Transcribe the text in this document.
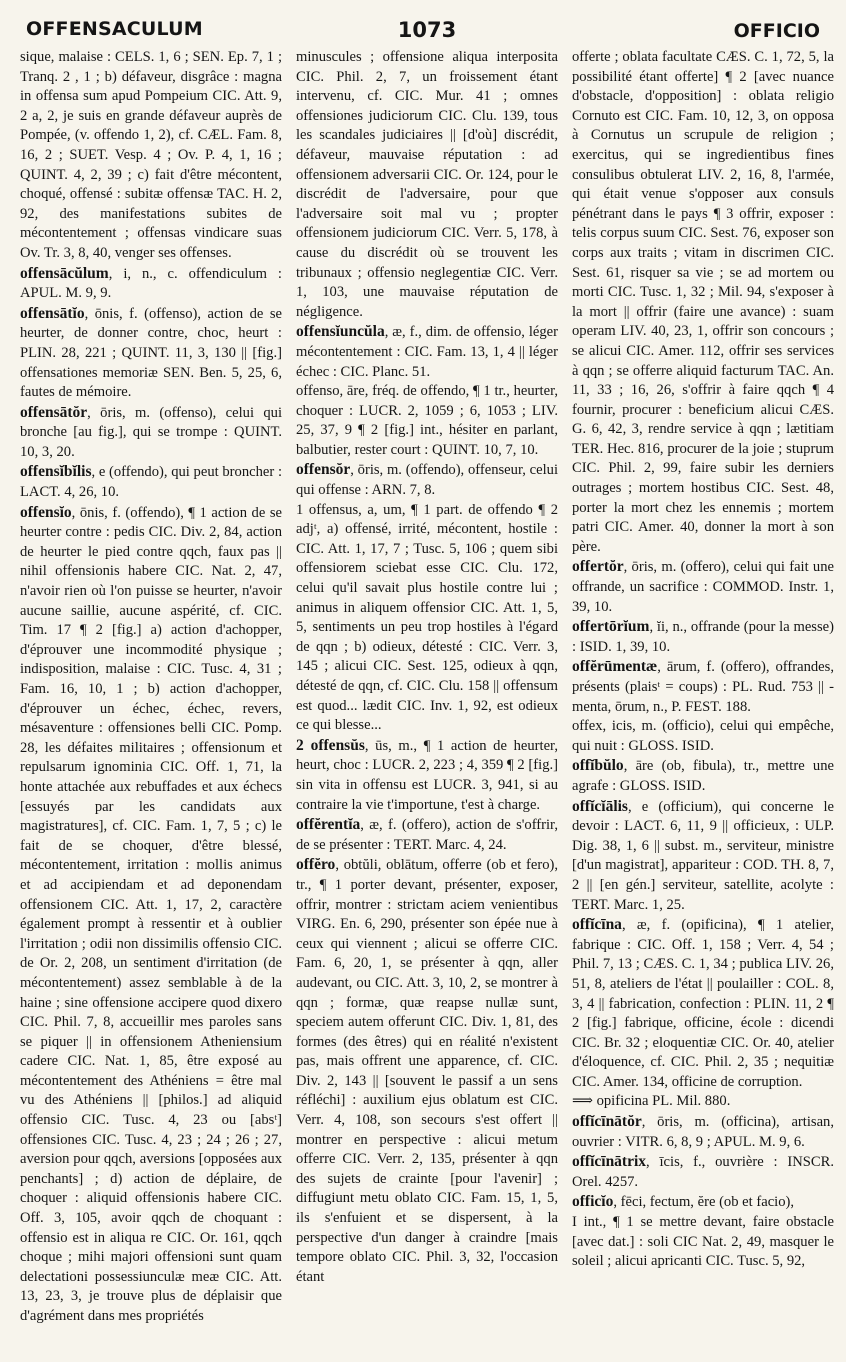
OFFENSACULUM	1073	OFFICIO

sique, malaise : CELS. 1, 6 ; SEN. Ep. 7, 1 ; Tranq. 2 , 1 ; b) défaveur, disgrâce : magna in offensa sum apud Pompeium CIC. Att. 9, 2 a, 2, je suis en grande défaveur auprès de Pompée, (v. offendo 1, 2), cf. CÆL. Fam. 8, 16, 2 ; SUET. Vesp. 4 ; Ov. P. 4, 1, 16 ; QUINT. 4, 2, 39 ; c) fait d'être mécontent, choqué, offensé : subitæ offensæ TAC. H. 2, 92, des manifestations subites de mécontentement ; offensas vindicare suas Ov. Tr. 3, 8, 40, venger ses offenses.

offensācŭlum, i, n., c. offendiculum : APUL. M. 9, 9.

offensātĭo, ōnis, f. (offenso), action de se heurter, de donner contre, choc, heurt : PLIN. 28, 221 ; QUINT. 11, 3, 130 || [fig.] offensationes memoriæ SEN. Ben. 5, 25, 6, fautes de mémoire.

offensātŏr, ōris, m. (offenso), celui qui bronche [au fig.], qui se trompe : QUINT. 10, 3, 20.

offensĭbĭlis, e (offendo), qui peut broncher : LACT. 4, 26, 10.

offensĭo, ōnis, f. (offendo), ¶ 1 action de se heurter contre : pedis CIC. Div. 2, 84, action de heurter le pied contre qqch, faux pas || nihil offensionis habere CIC. Nat. 2, 47, n'avoir rien où l'on puisse se heurter, n'avoir aucune saillie, aucune aspérité, cf. CIC. Tim. 17 ¶ 2 [fig.] a) action d'achopper, d'éprouver une incommodité physique ; indisposition, malaise : CIC. Tusc. 4, 31 ; Fam. 16, 10, 1 ; b) action d'achopper, d'éprouver un échec, échec, revers, mésaventure : offensiones belli CIC. Pomp. 28, les défaites militaires ; offensionum et repulsarum ignominia CIC. Off. 1, 71, la honte attachée aux rebuffades et aux échecs [essuyés par les candidats aux magistratures], cf. CIC. Fam. 1, 7, 5 ; c) le fait de se choquer, d'être blessé, mécontentement, irritation : mollis animus et ad accipiendam et ad deponendam offensionem CIC. Att. 1, 17, 2, caractère également prompt à ressentir et à oublier l'irritation ; odii non dissimilis offensio CIC. de Or. 2, 208, un sentiment d'irritation (de mécontentement) assez semblable à de la haine ; sine offensione accipere quod dixero CIC. Phil. 7, 8, accueillir mes paroles sans se piquer || in offensionem Atheniensium cadere CIC. Nat. 1, 85, être exposé au mécontentement des Athéniens = être mal vu des Athéniens || [philos.] ad aliquid offensio CIC. Tusc. 4, 23 ou [absᵗ] offensiones CIC. Tusc. 4, 23 ; 24 ; 26 ; 27, aversion pour qqch, aversions [opposées aux penchants] ; d) action de déplaire, de choquer : aliquid offensionis habere CIC. Off. 3, 105, avoir qqch de choquant : offensio est in aliqua re CIC. Or. 161, qqch choque ; mihi majori offensioni sunt quam delectationi possessiunculæ meæ CIC. Att. 13, 23, 3, je trouve plus de déplaisir que d'agrément dans mes propriétés

minuscules ; offensione aliqua interposita CIC. Phil. 2, 7, un froissement étant intervenu, cf. CIC. Mur. 41 ; omnes offensiones judiciorum CIC. Clu. 139, tous les scandales judiciaires || [d'où] discrédit, défaveur, mauvaise réputation : ad offensionem adversarii CIC. Or. 124, pour le discrédit de l'adversaire, pour que l'adversaire soit mal vu ; propter offensionem judiciorum CIC. Verr. 5, 178, à cause du discrédit où se trouvent les tribunaux ; offensio neglegentiæ CIC. Verr. 1, 103, une mauvaise réputation de négligence.

offensĭuncŭla, æ, f., dim. de offensio, léger mécontentement : CIC. Fam. 13, 1, 4 || léger échec : CIC. Planc. 51.

offenso, āre, fréq. de offendo, ¶ 1 tr., heurter, choquer : LUCR. 2, 1059 ; 6, 1053 ; LIV. 25, 37, 9 ¶ 2 [fig.] int., hésiter en parlant, balbutier, rester court : QUINT. 10, 7, 10.

offensŏr, ōris, m. (offendo), offenseur, celui qui offense : ARN. 7, 8.

1 offensus, a, um, ¶ 1 part. de offendo ¶ 2 adjᵗ, a) offensé, irrité, mécontent, hostile : CIC. Att. 1, 17, 7 ; Tusc. 5, 106 ; quem sibi offensiorem sciebat esse CIC. Clu. 172, celui qu'il savait plus hostile contre lui ; animus in aliquem offensior CIC. Att. 1, 5, 5, sentiments un peu trop hostiles à l'égard de qqn ; b) odieux, détesté : CIC. Verr. 3, 145 ; alicui CIC. Sest. 125, odieux à qqn, détesté de qqn, cf. CIC. Clu. 158 || offensum est quod... lædit CIC. Inv. 1, 92, est odieux ce qui blesse...

2 offensŭs, ūs, m., ¶ 1 action de heurter, heurt, choc : LUCR. 2, 223 ; 4, 359 ¶ 2 [fig.] sin vita in offensu est LUCR. 3, 941, si au contraire la vie t'importune, t'est à charge.

offĕrentĭa, æ, f. (offero), action de s'offrir, de se présenter : TERT. Marc. 4, 24.

offĕro, obtŭli, oblātum, offerre (ob et fero), tr., ¶ 1 porter devant, présenter, exposer, offrir, montrer : strictam aciem venientibus VIRG. En. 6, 290, présenter son épée nue à ceux qui viennent ; alicui se offerre CIC. Fam. 6, 20, 1, se présenter à qqn, aller audevant, ou CIC. Att. 3, 10, 2, se montrer à qqn ; formæ, quæ reapse nullæ sunt, speciem autem offerunt CIC. Div. 1, 81, des formes (des êtres) qui en réalité n'existent pas, mais offrent une apparence, cf. CIC. Div. 2, 143 || [souvent le passif a un sens réfléchi] : auxilium ejus oblatum est CIC. Verr. 4, 108, son secours s'est offert || montrer en perspective : alicui metum offerre CIC. Verr. 2, 135, présenter à qqn des sujets de crainte [pour l'avenir] ; diffugiunt metu oblato CIC. Fam. 15, 1, 5, ils s'enfuient et se dispersent, à la perspective d'un danger à craindre [mais tempore oblato CIC. Phil. 3, 32, l'occasion étant

offerte ; oblata facultate CÆS. C. 1, 72, 5, la possibilité étant offerte] ¶ 2 [avec nuance d'obstacle, d'opposition] : oblata religio Cornuto est CIC. Fam. 10, 12, 3, on opposa à Cornutus un scrupule de religion ; exercitus, qui se ingredientibus fines consulibus obtulerat LIV. 2, 16, 8, l'armée, qui était venue s'opposer aux consuls pénétrant dans le pays ¶ 3 offrir, exposer : telis corpus suum CIC. Sest. 76, exposer son corps aux traits ; vitam in discrimen CIC. Sest. 61, risquer sa vie ; se ad mortem ou morti CIC. Tusc. 1, 32 ; Mil. 94, s'exposer à la mort || offrir (faire une avance) : suam operam LIV. 40, 23, 1, offrir son concours ; se alicui CIC. Amer. 112, offrir ses services à qqn ; se offerre aliquid facturum TAC. An. 11, 33 ; 16, 26, s'offrir à faire qqch ¶ 4 fournir, procurer : beneficium alicui CÆS. G. 6, 42, 3, rendre service à qqn ; lætitiam TER. Hec. 816, procurer de la joie ; stuprum CIC. Phil. 2, 99, faire subir les derniers outrages ; mortem hostibus CIC. Sest. 48, porter la mort chez les ennemis ; mortem patri CIC. Amer. 40, donner la mort à son père.

offertŏr, ōris, m. (offero), celui qui fait une offrande, un sacrifice : COMMOD. Instr. 1, 39, 10.

offertōrĭum, ĭi, n., offrande (pour la messe) : ISID. 1, 39, 10.

offĕrūmentæ, ārum, f. (offero), offrandes, présents (plaisᵗ = coups) : PL. Rud. 753 || -menta, ōrum, n., P. FEST. 188.

offex, icis, m. (officio), celui qui empêche, qui nuit : GLOSS. ISID.

offĭbŭlo, āre (ob, fibula), tr., mettre une agrafe : GLOSS. ISID.

offĭcĭālis, e (officium), qui concerne le devoir : LACT. 6, 11, 9 || officieux, : ULP. Dig. 38, 1, 6 || subst. m., serviteur, ministre [d'un magistrat], appariteur : COD. TH. 8, 7, 2 || [en gén.] serviteur, satellite, acolyte : TERT. Marc. 1, 25.

offĭcīna, æ, f. (opificina), ¶ 1 atelier, fabrique : CIC. Off. 1, 158 ; Verr. 4, 54 ; Phil. 7, 13 ; CÆS. C. 1, 34 ; publica LIV. 26, 51, 8, ateliers de l'état || poulailler : COL. 8, 3, 4 || fabrication, confection : PLIN. 11, 2 ¶ 2 [fig.] fabrique, officine, école : dicendi CIC. Br. 32 ; eloquentiæ CIC. Or. 40, atelier d'éloquence, cf. CIC. Phil. 2, 35 ; nequitiæ CIC. Amer. 134, officine de corruption.

⟹ opificina PL. Mil. 880.

offĭcīnātŏr, ōris, m. (officina), artisan, ouvrier : VITR. 6, 8, 9 ; APUL. M. 9, 6.

offĭcīnātrix, īcis, f., ouvrière : INSCR. Orel. 4257.

officĭo, fēci, fectum, ĕre (ob et facio),

I int., ¶ 1 se mettre devant, faire obstacle [avec dat.] : soli CIC Nat. 2, 49, masquer le soleil ; alicui apricanti CIC. Tusc. 5, 92,
